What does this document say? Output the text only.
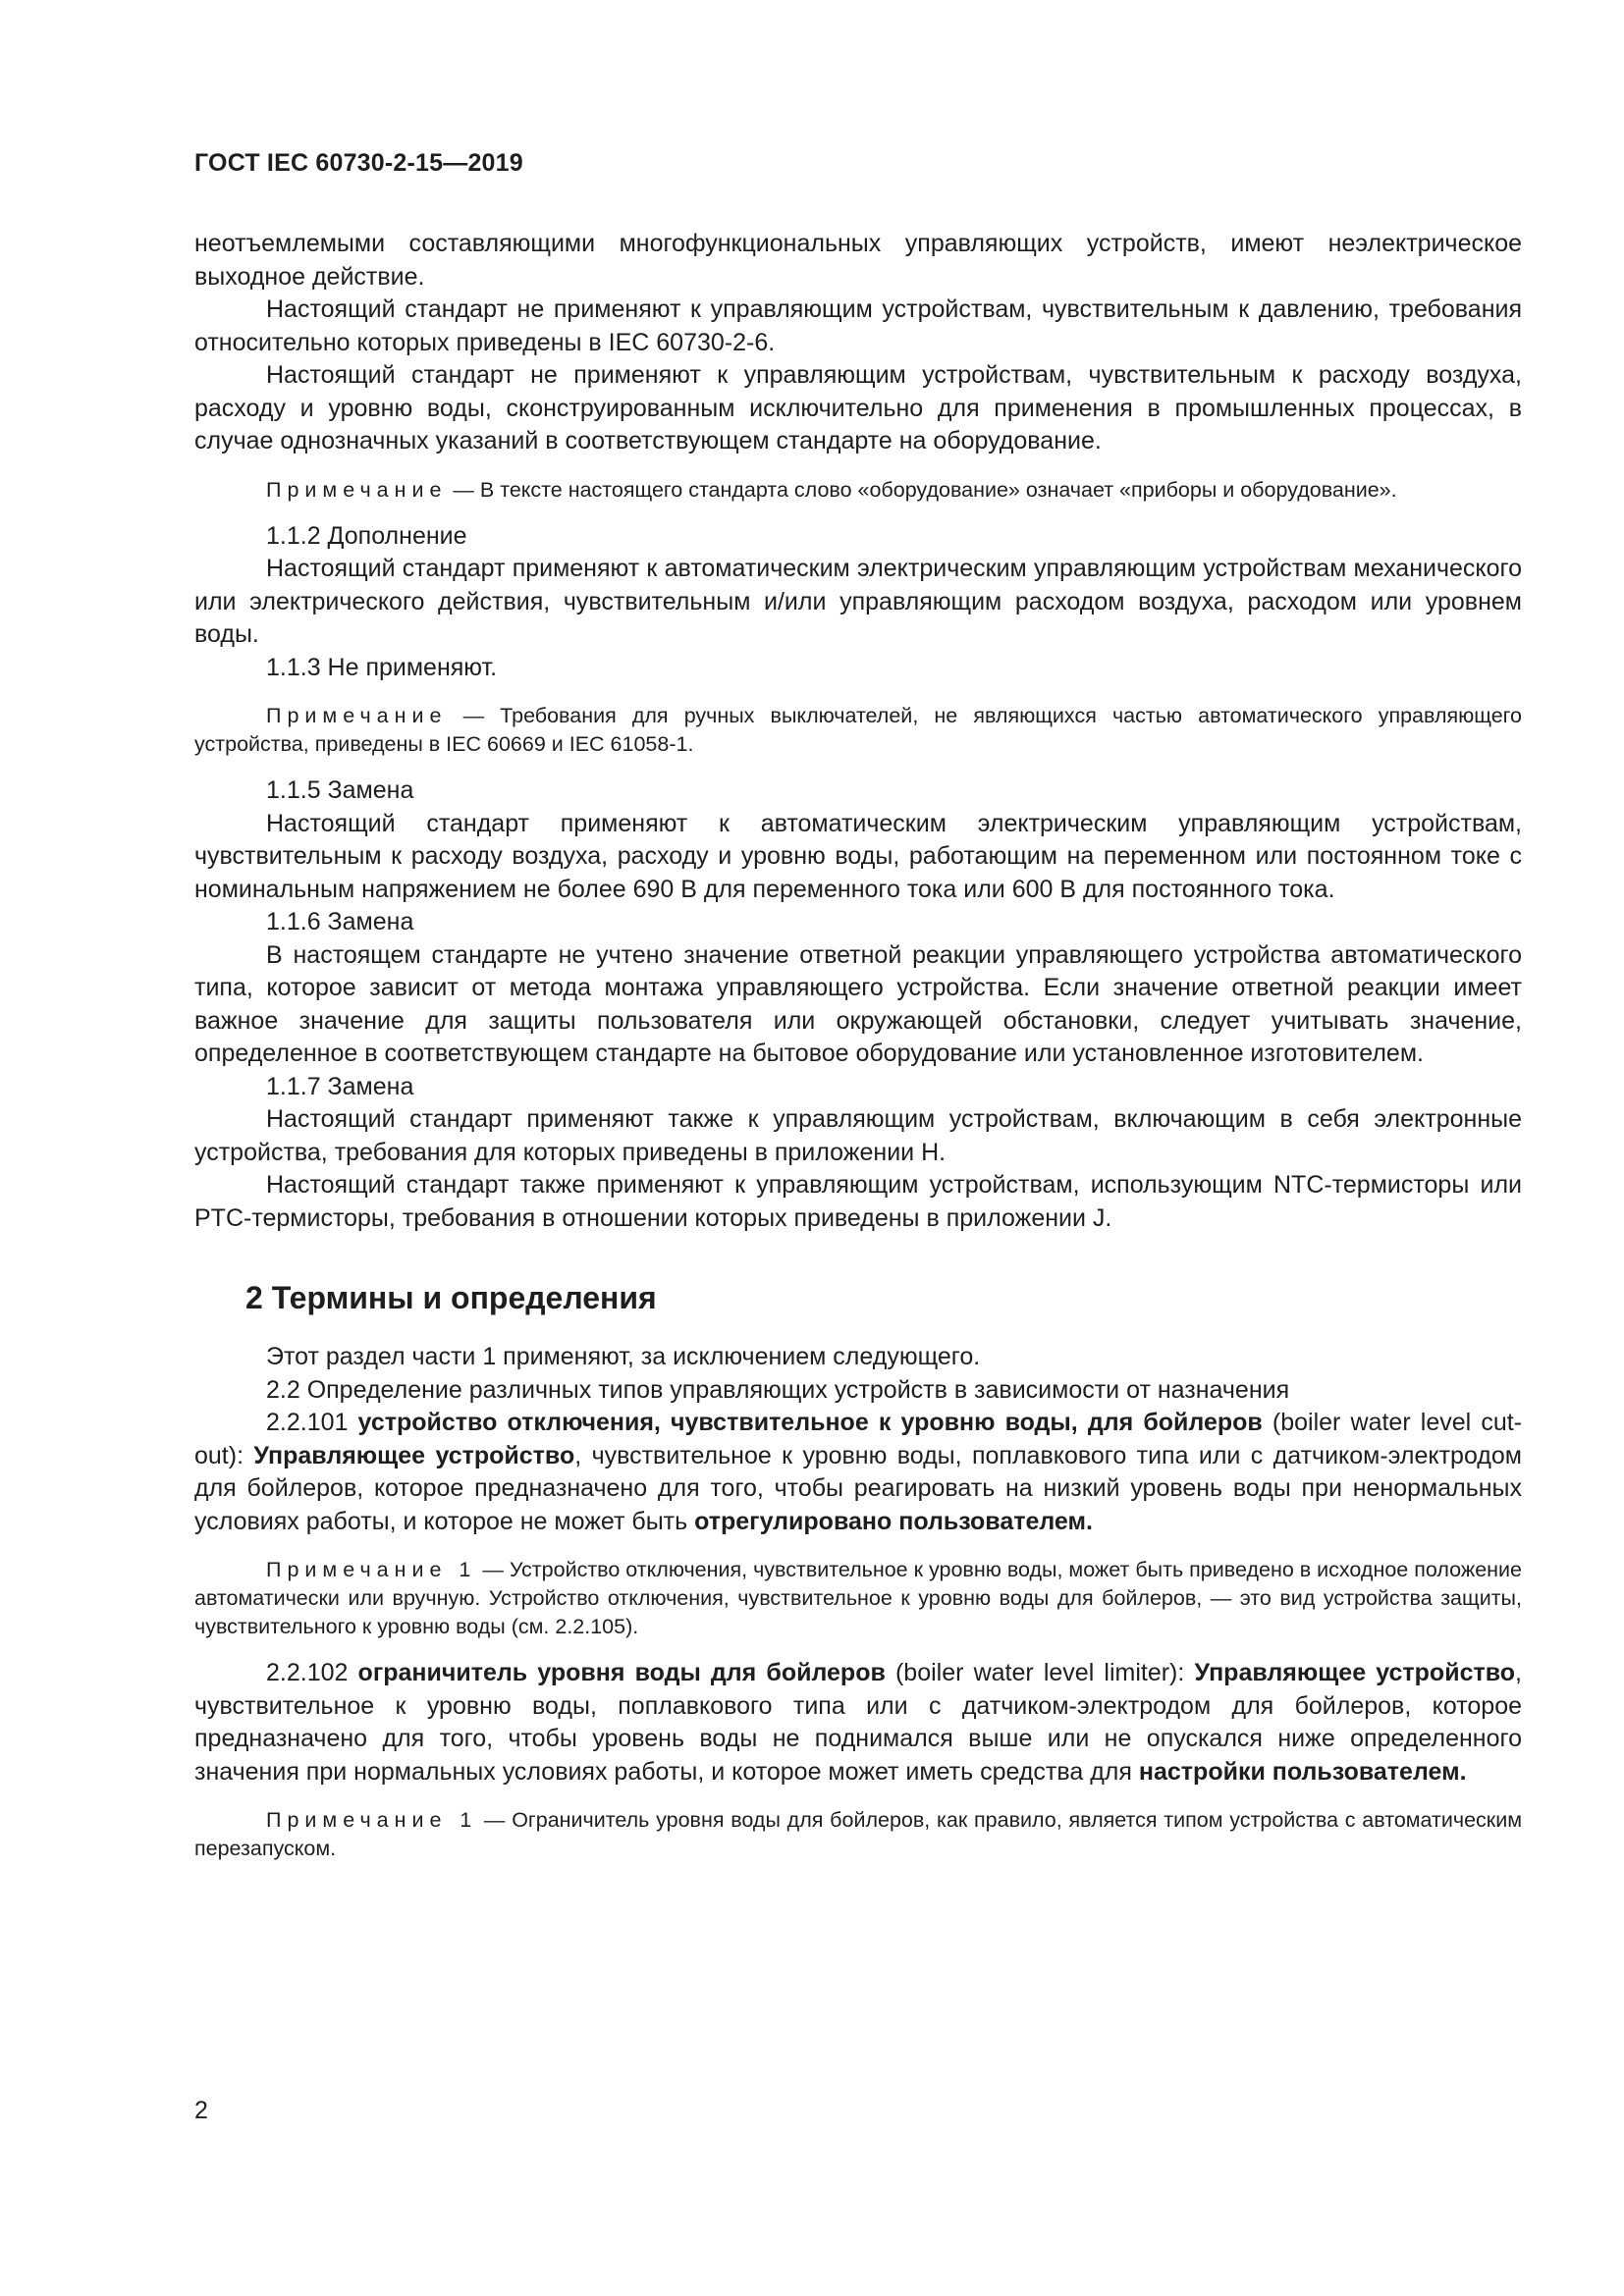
ГОСТ IEC 60730-2-15—2019

неотъемлемыми составляющими многофункциональных управляющих устройств, имеют неэлектрическое выходное действие.

Настоящий стандарт не применяют к управляющим устройствам, чувствительным к давлению, требования относительно которых приведены в IEC 60730-2-6.

Настоящий стандарт не применяют к управляющим устройствам, чувствительным к расходу воздуха, расходу и уровню воды, сконструированным исключительно для применения в промышленных процессах, в случае однозначных указаний в соответствующем стандарте на оборудование.

Примечание — В тексте настоящего стандарта слово «оборудование» означает «приборы и оборудование».

1.1.2 Дополнение

Настоящий стандарт применяют к автоматическим электрическим управляющим устройствам механического или электрического действия, чувствительным и/или управляющим расходом воздуха, расходом или уровнем воды.

1.1.3 Не применяют.

Примечание — Требования для ручных выключателей, не являющихся частью автоматического управляющего устройства, приведены в IEC 60669 и IEC 61058-1.

1.1.5 Замена

Настоящий стандарт применяют к автоматическим электрическим управляющим устройствам, чувствительным к расходу воздуха, расходу и уровню воды, работающим на переменном или постоянном токе с номинальным напряжением не более 690 В для переменного тока или 600 В для постоянного тока.

1.1.6 Замена

В настоящем стандарте не учтено значение ответной реакции управляющего устройства автоматического типа, которое зависит от метода монтажа управляющего устройства. Если значение ответной реакции имеет важное значение для защиты пользователя или окружающей обстановки, следует учитывать значение, определенное в соответствующем стандарте на бытовое оборудование или установленное изготовителем.

1.1.7 Замена

Настоящий стандарт применяют также к управляющим устройствам, включающим в себя электронные устройства, требования для которых приведены в приложении H.

Настоящий стандарт также применяют к управляющим устройствам, использующим NTC-термисторы или PTC-термисторы, требования в отношении которых приведены в приложении J.

2 Термины и определения

Этот раздел части 1 применяют, за исключением следующего.

2.2 Определение различных типов управляющих устройств в зависимости от назначения

2.2.101 устройство отключения, чувствительное к уровню воды, для бойлеров (boiler water level cut-out): Управляющее устройство, чувствительное к уровню воды, поплавкового типа или с датчиком-электродом для бойлеров, которое предназначено для того, чтобы реагировать на низкий уровень воды при ненормальных условиях работы, и которое не может быть отрегулировано пользователем.

Примечание 1 — Устройство отключения, чувствительное к уровню воды, может быть приведено в исходное положение автоматически или вручную. Устройство отключения, чувствительное к уровню воды для бойлеров, — это вид устройства защиты, чувствительного к уровню воды (см. 2.2.105).

2.2.102 ограничитель уровня воды для бойлеров (boiler water level limiter): Управляющее устройство, чувствительное к уровню воды, поплавкового типа или с датчиком-электродом для бойлеров, которое предназначено для того, чтобы уровень воды не поднимался выше или не опускался ниже определенного значения при нормальных условиях работы, и которое может иметь средства для настройки пользователем.

Примечание 1 — Ограничитель уровня воды для бойлеров, как правило, является типом устройства с автоматическим перезапуском.

2
